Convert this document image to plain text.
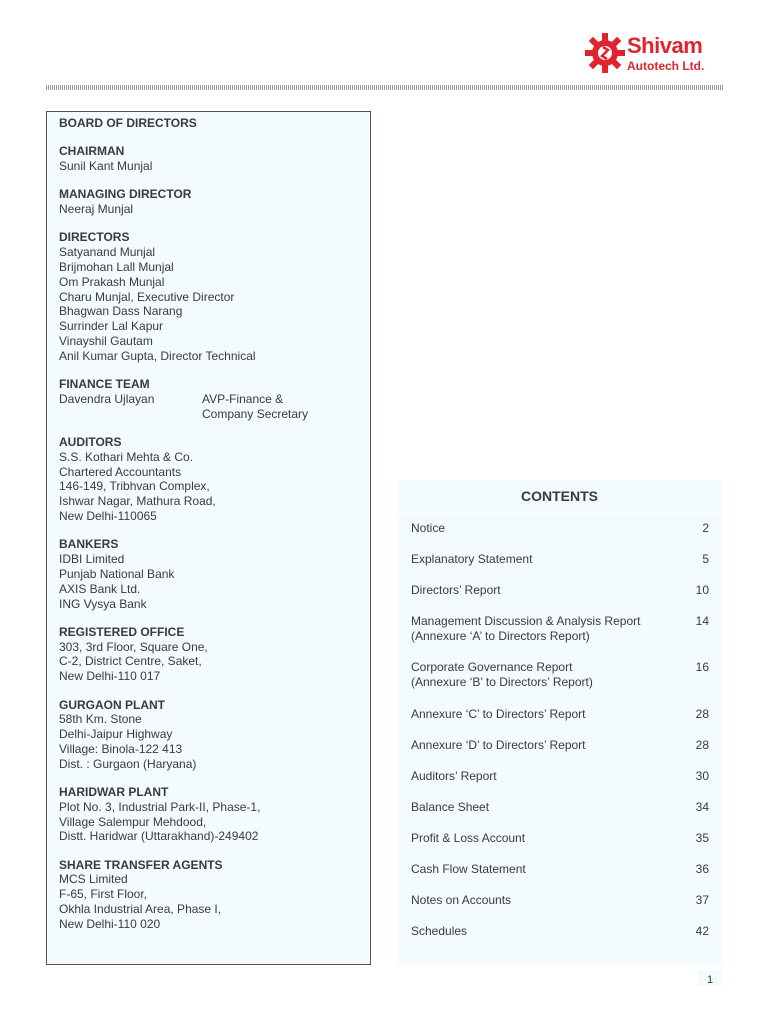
Shivam
Autotech Ltd.
BOARD OF DIRECTORS
CHAIRMAN
Sunil Kant Munjal
MANAGING DIRECTOR
Neeraj Munjal
DIRECTORS
Satyanand Munjal
Brijmohan Lall Munjal
Om Prakash Munjal
Charu Munjal, Executive Director
Bhagwan Dass Narang
Surrinder Lal Kapur
Vinayshil Gautam
Anil Kumar Gupta, Director Technical
FINANCE TEAM
Davendra Ujlayan	AVP-Finance &
Company Secretary
AUDITORS
S.S. Kothari Mehta & Co.
Chartered Accountants
146-149, Tribhvan Complex,
Ishwar Nagar, Mathura Road,
New Delhi-110065
BANKERS
IDBI Limited
Punjab National Bank
AXIS Bank Ltd.
ING Vysya Bank
REGISTERED OFFICE
303, 3rd Floor, Square One,
C-2, District Centre, Saket,
New Delhi-110 017
GURGAON PLANT
58th Km. Stone
Delhi-Jaipur Highway
Village: Binola-122 413
Dist. : Gurgaon (Haryana)
HARIDWAR PLANT
Plot No. 3, Industrial Park-II, Phase-1,
Village Salempur Mehdood,
Distt. Haridwar (Uttarakhand)-249402
SHARE TRANSFER AGENTS
MCS Limited
F-65, First Floor,
Okhla Industrial Area, Phase I,
New Delhi-110 020
CONTENTS
Notice	2
Explanatory Statement	5
Directors’ Report	10
Management Discussion & Analysis Report	14
(Annexure ‘A’ to Directors Report)
Corporate Governance Report	16
(Annexure ‘B’ to Directors’ Report)
Annexure ‘C’ to Directors’ Report	28
Annexure ‘D’ to Directors’ Report	28
Auditors’ Report	30
Balance Sheet	34
Profit & Loss Account	35
Cash Flow Statement	36
Notes on Accounts	37
Schedules	42
1
